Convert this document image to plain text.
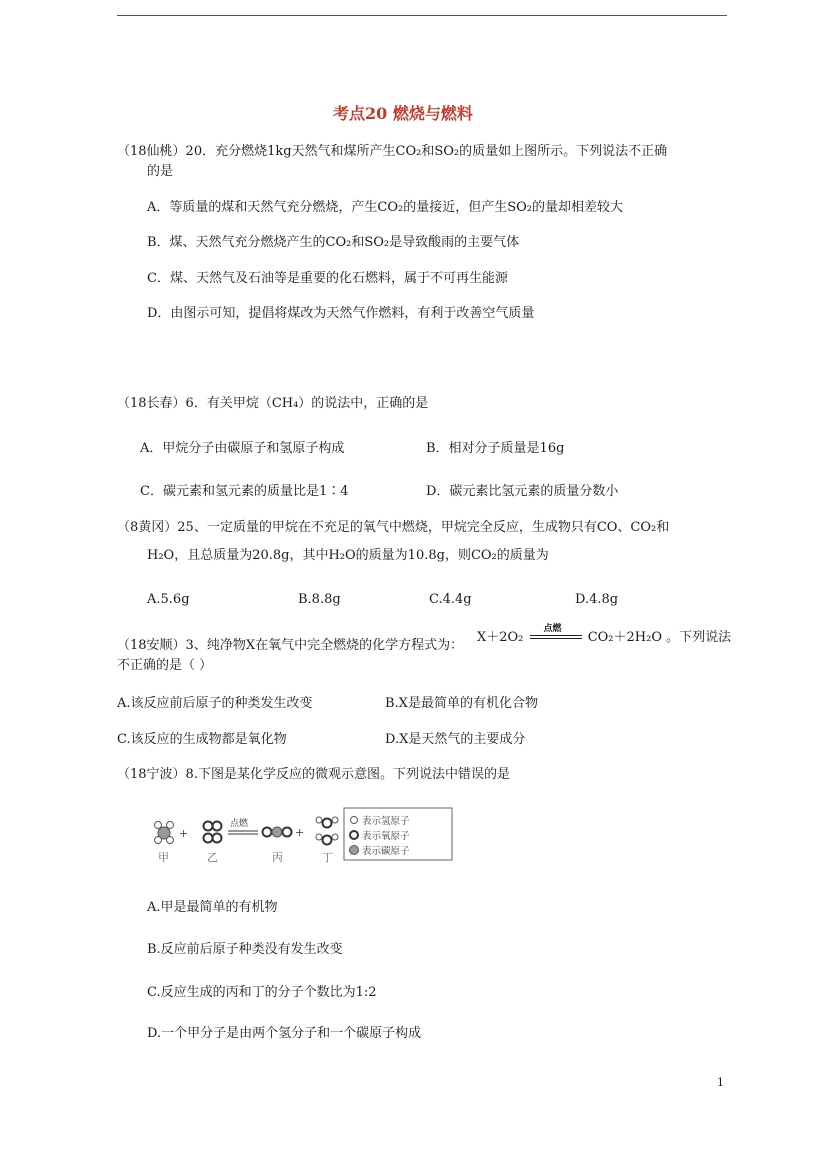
考点20 燃烧与燃料
（18仙桃）20．充分燃烧1kg天然气和煤所产生CO₂和SO₂的质量如上图所示。下列说法不正确
的是
A．等质量的煤和天然气充分燃烧，产生CO₂的量接近，但产生SO₂的量却相差较大
B．煤、天然气充分燃烧产生的CO₂和SO₂是导致酸雨的主要气体
C．煤、天然气及石油等是重要的化石燃料，属于不可再生能源
D．由图示可知，提倡将煤改为天然气作燃料，有利于改善空气质量
（18长春）6．有关甲烷（CH₄）的说法中，正确的是
A．甲烷分子由碳原子和氢原子构成	B．相对分子质量是16g
C．碳元素和氢元素的质量比是1∶4	D．碳元素比氢元素的质量分数小
（8黄冈）25、一定质量的甲烷在不充足的氧气中燃烧，甲烷完全反应，生成物只有CO、CO₂和
H₂O，且总质量为20.8g，其中H₂O的质量为10.8g，则CO₂的质量为
A.5.6g	B.8.8g	C.4.4g	D.4.8g
（18安顺）3、纯净物X在氧气中完全燃烧的化学方程式为：
X＋2O₂
点燃
CO₂＋2H₂O 。下列说法
不正确的是（ ）
A.该反应前后原子的种类发生改变	B.X是最简单的有机化合物
C.该反应的生成物都是氧化物	D.X是天然气的主要成分
（18宁波）8.下图是某化学反应的微观示意图。下列说法中错误的是
+
点燃
+
甲	乙	丙	丁
表示氢原子
表示氧原子
表示碳原子
A.甲是最简单的有机物
B.反应前后原子种类没有发生改变
C.反应生成的丙和丁的分子个数比为1:2
D.一个甲分子是由两个氢分子和一个碳原子构成
1
